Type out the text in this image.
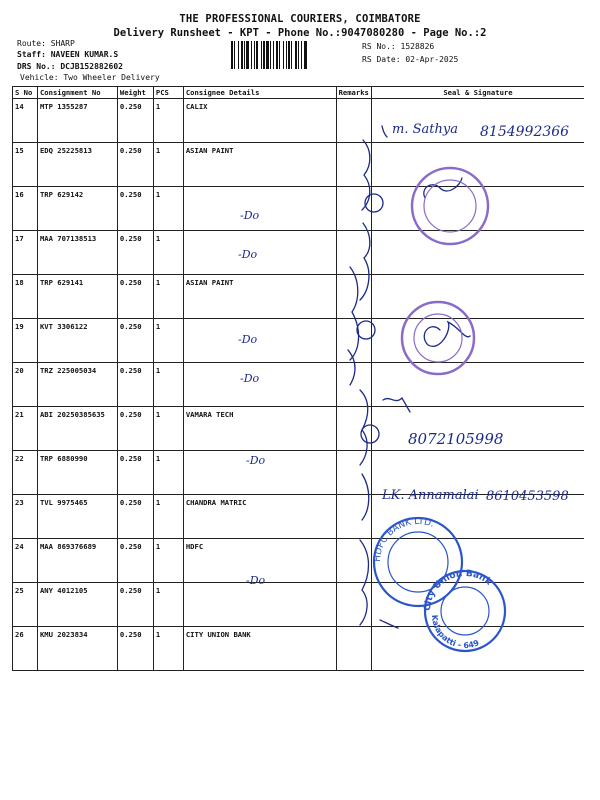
THE PROFESSIONAL COURIERS, COIMBATORE
Delivery Runsheet - KPT - Phone No.:9047080280 - Page No.:2
Route: SHARP
Staff: NAVEEN KUMAR.S
DRS No.: DCJB152882602
Vehicle: Two Wheeler Delivery
RS No.: 1528826
RS Date: 02-Apr-2025
S No	Consignment No	Weight	PCS	Consignee Details	Remarks	Seal & Signature
14	MTP 1355287	0.250	1	CALIX		
15	EDQ 25225813	0.250	1	ASIAN PAINT		
16	TRP 629142	0.250	1			
17	MAA 707138513	0.250	1			
18	TRP 629141	0.250	1	ASIAN PAINT		
19	KVT 3306122	0.250	1			
20	TRZ 225005034	0.250	1			
21	ABI 20250385635	0.250	1	VAMARA TECH		
22	TRP 6880990	0.250	1			
23	TVL 9975465	0.250	1	CHANDRA MATRIC		
24	MAA 869376689	0.250	1	HDFC		
25	ANY 4012105	0.250	1			
26	KMU 2023834	0.250	1	CITY UNION BANK		
m. Sathya 8154992366
-Do
-Do
-Do
-Do
-Do
-Do
8072105998
LK. Annamalai 8610453598
HDFC BANK LTD.
City Union Bank
Kalapatti - 649
